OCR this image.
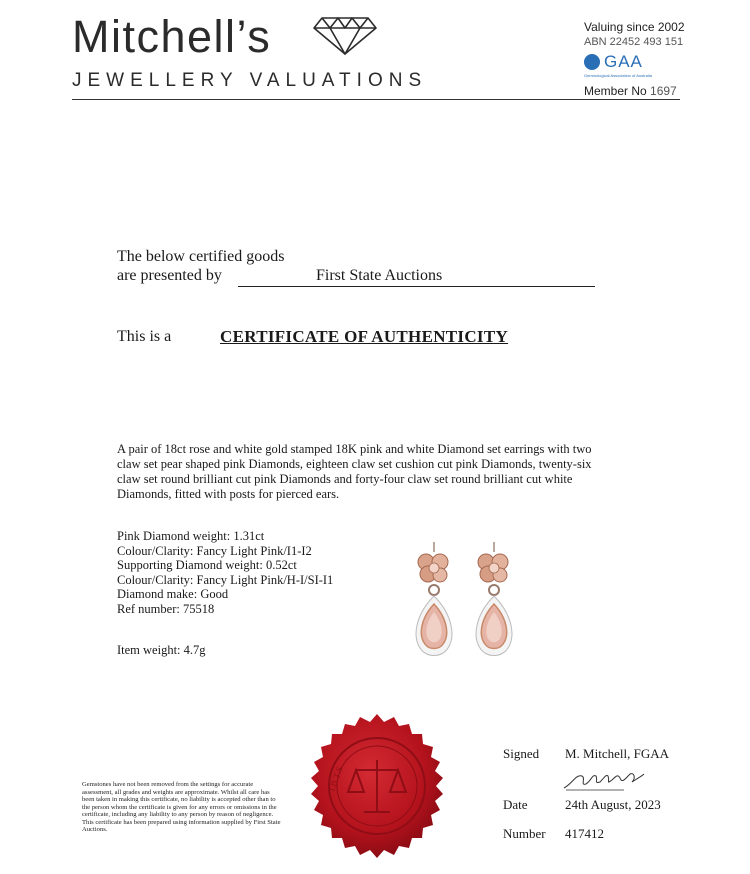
Mitchell’s
JEWELLERY VALUATIONS
Valuing since 2002
ABN 22452 493 151
GAA
Gemmological Association of Australia
Member No 1697
The below certified goods
are presented by	First State Auctions
This is a	CERTIFICATE OF AUTHENTICITY
A pair of 18ct rose and white gold stamped 18K pink and white Diamond set earrings with two claw set pear shaped pink Diamonds, eighteen claw set cushion cut pink Diamonds, twenty-six claw set round brilliant cut pink Diamonds and forty-four claw set round brilliant cut white Diamonds, fitted with posts for pierced ears.
Pink Diamond weight: 1.31ct
Colour/Clarity: Fancy Light Pink/I1-I2
Supporting Diamond weight: 0.52ct
Colour/Clarity: Fancy Light Pink/H-I/SI-I1
Diamond make: Good
Ref number: 75518
Item weight: 4.7g
I.B.T.S
Signed M. Mitchell, FGAA
Date	24th August, 2023
Number 417412
Gemstones have not been removed from the settings for accurate assessment, all grades and weights are approximate. Whilst all care has been taken in making this certificate, no liability is accepted other than to the person whom the certificate is given for any errors or omissions in the certificate, including any liability to any person by reason of negligence. This certificate has been prepared using information supplied by First State Auctions.
